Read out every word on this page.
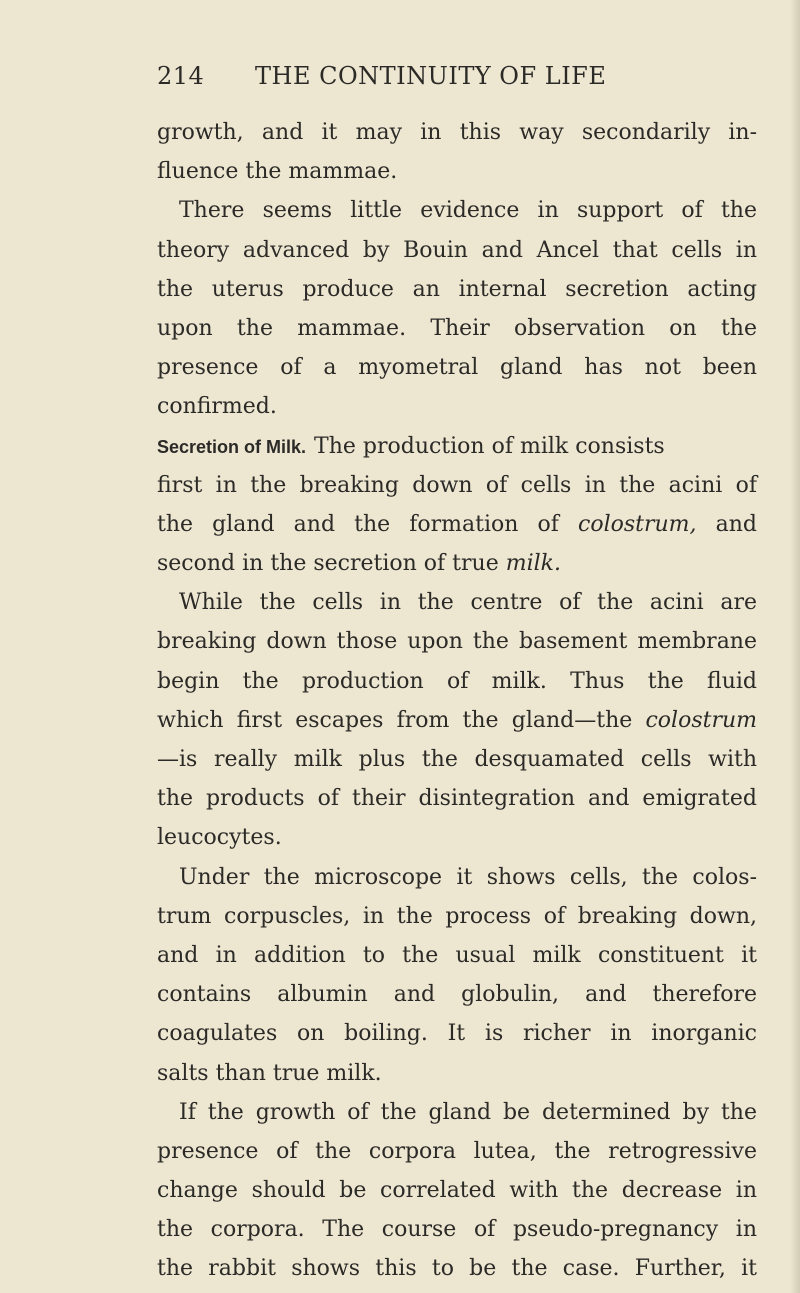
214 THE CONTINUITY OF LIFE
growth, and it may in this way secondarily in-
fluence the mammae.
There seems little evidence in support of the
theory advanced by Bouin and Ancel that cells in
the uterus produce an internal secretion acting
upon the mammae. Their observation on the
presence of a myometral gland has not been
confirmed.
Secretion of Milk. The production of milk consists
first in the breaking down of cells in the acini of
the gland and the formation of colostrum, and
second in the secretion of true milk.
While the cells in the centre of the acini are
breaking down those upon the basement membrane
begin the production of milk. Thus the fluid
which first escapes from the gland—the colostrum
—is really milk plus the desquamated cells with
the products of their disintegration and emigrated
leucocytes.
Under the microscope it shows cells, the colos-
trum corpuscles, in the process of breaking down,
and in addition to the usual milk constituent it
contains albumin and globulin, and therefore
coagulates on boiling. It is richer in inorganic
salts than true milk.
If the growth of the gland be determined by the
presence of the corpora lutea, the retrogressive
change should be correlated with the decrease in
the corpora. The course of pseudo-pregnancy in
the rabbit shows this to be the case. Further, it
